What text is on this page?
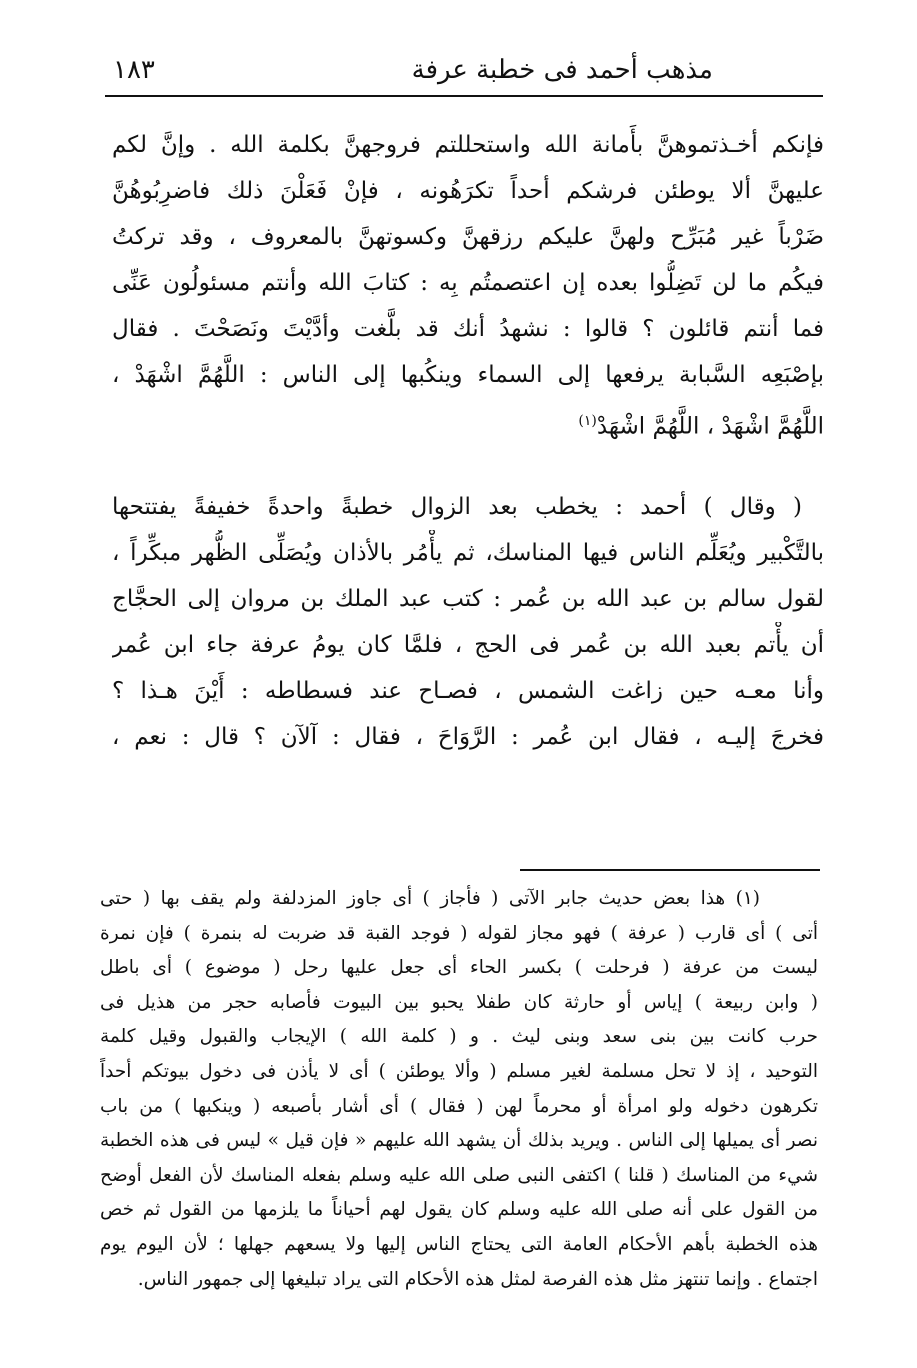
مذهب أحمد فى خطبة عرفة
١٨٣

فإنكم أخـذتموهنَّ بأَمانة الله واستحللتم فروجهنَّ بكلمة الله . وإنَّ لكم
عليهنَّ ألا يوطئن فرشكم أحداً تكرَهُونه ، فإنْ فَعَلْنَ ذلك فاضرِبُوهُنَّ
ضَرْباً غير مُبَرِّح ولهنَّ عليكم رزقهنَّ وكسوتهنَّ بالمعروف ، وقد تركتُ
فيكُم ما لن تَضِلُّوا بعده إن اعتصمتُم بِه : كتابَ الله وأنتم مسئولُون عَنِّى
فما أنتم قائلون ؟ قالوا : نشهدُ أنك قد بلَّغت وأدَّيْتَ ونَصَحْتَ . فقال
بإصْبَعِه السَّبابة يرفعها إلى السماء وينكُبها إلى الناس : اللَّهُمَّ اشْهَدْ ،
اللَّهُمَّ اشْهَدْ ، اللَّهُمَّ اشْهَدْ$^{(١)}$

( وقال ) أحمد : يخطب بعد الزوال خطبةً واحدةً خفيفةً يفتتحها
بالتَّكْبير ويُعَلِّم الناس فيها المناسك، ثم يأْمُر بالأذان ويُصَلِّى الظُّهر مبكِّراً ،
لقول سالم بن عبد الله بن عُمر : كتب عبد الملك بن مروان إلى الحجَّاج
أن يأْتم بعبد الله بن عُمر فى الحج ، فلمَّا كان يومُ عرفة جاء ابن عُمر
وأنا معـه حين زاغت الشمس ، فصـاح عند فسطاطه : أَيْنَ هـذا ؟
فخرجَ إليـه ، فقال ابن عُمر : الرَّوَاحَ ، فقال : آلآن ؟ قال : نعم ،

(١) هذا بعض حديث جابر الآتى ( فأجاز ) أى جاوز المزدلفة ولم يقف بها ( حتى
أتى ) أى قارب ( عرفة ) فهو مجاز لقوله ( فوجد القبة قد ضربت له بنمرة ) فإن نمرة
ليست من عرفة ( فرحلت ) بكسر الحاء أى جعل عليها رحل ( موضوع ) أى باطل
( وابن ربيعة ) إياس أو حارثة كان طفلا يحبو بين البيوت فأصابه حجر من هذيل فى
حرب كانت بين بنى سعد وبنى ليث . و ( كلمة الله ) الإيجاب والقبول وقيل كلمة
التوحيد ، إذ لا تحل مسلمة لغير مسلم ( وألا يوطئن ) أى لا يأذن فى دخول بيوتكم أحداً
تكرهون دخوله ولو امرأة أو محرماً لهن ( فقال ) أى أشار بأصبعه ( وينكبها ) من باب
نصر أى يميلها إلى الناس . ويريد بذلك أن يشهد الله عليهم « فإن قيل » ليس فى هذه الخطبة
شيء من المناسك ( قلنا ) اكتفى النبى صلى الله عليه وسلم بفعله المناسك لأن الفعل أوضح
من القول على أنه صلى الله عليه وسلم كان يقول لهم أحياناً ما يلزمها من القول ثم خص
هذه الخطبة بأهم الأحكام العامة التى يحتاج الناس إليها ولا يسعهم جهلها ؛ لأن اليوم يوم
اجتماع . وإنما تنتهز مثل هذه الفرصة لمثل هذه الأحكام التى يراد تبليغها إلى جمهور الناس.
